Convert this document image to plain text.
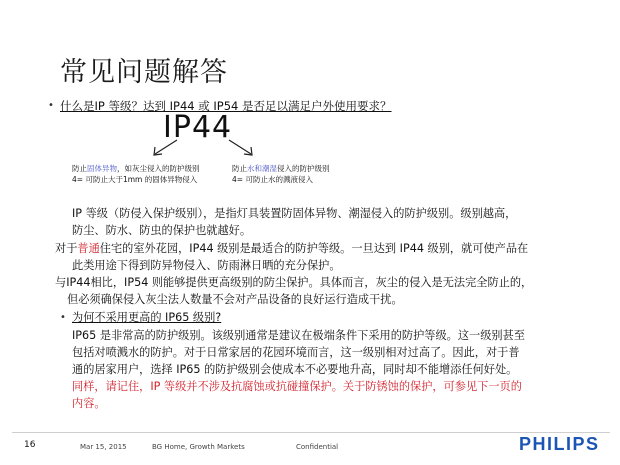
常见问题解答
• 什么是IP 等级？达到 IP44 或 IP54 是否足以满足户外使用要求？
IP44
防止固体异物，如灰尘侵入的防护级别
4= 可防止大于1mm 的固体异物侵入
防止水和潮湿侵入的防护级别
4= 可防止水的溅液侵入
IP 等级（防侵入保护级别），是指灯具装置防固体异物、潮湿侵入的防护级别。级别越高，
防尘、防水、防虫的保护也就越好。
对于普通住宅的室外花园，IP44 级别是最适合的防护等级。一旦达到 IP44 级别，就可使产品在
此类用途下得到防异物侵入、防雨淋日晒的充分保护。
与IP44相比，IP54 则能够提供更高级别的防尘保护。具体而言，灰尘的侵入是无法完全防止的，
但必须确保侵入灰尘法人数量不会对产品设备的良好运行造成干扰。
• 为何不采用更高的 IP65 级别?
IP65 是非常高的防护级别。该级别通常是建议在极端条件下采用的防护等级。这一级别甚至
包括对喷溅水的防护。对于日常家居的花园环境而言，这一级别相对过高了。因此，对于普
通的居家用户，选择 IP65 的防护级别会使成本不必要地升高，同时却不能增添任何好处。
同样，请记住，IP 等级并不涉及抗腐蚀或抗碰撞保护。关于防锈蚀的保护，可参见下一页的
内容。
16	Mar 15, 2015	BG Home, Growth Markets	Confidential	PHILIPS
